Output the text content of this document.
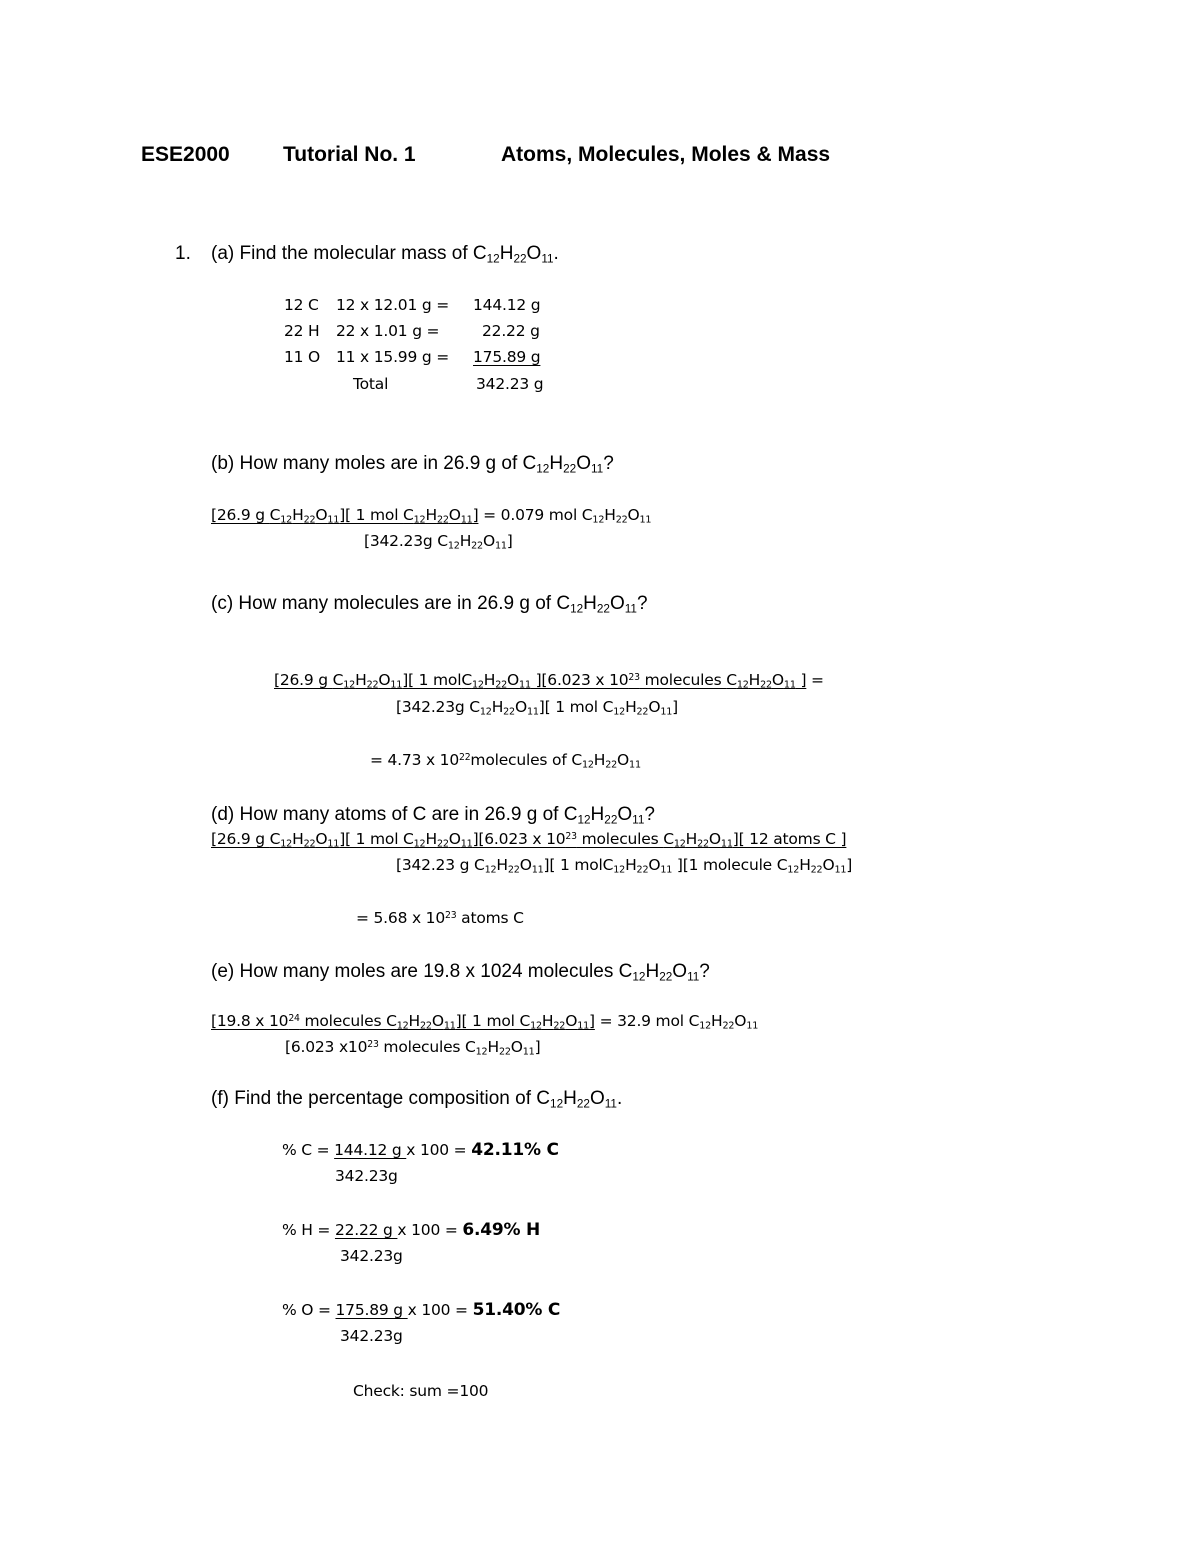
ESE2000	Tutorial No. 1	Atoms, Molecules, Moles & Mass
1. (a) Find the molecular mass of $C_{12}H_{22}O_{11}$.
12 C 12 x 12.01 g = 144.12 g
22 H 22 x 1.01 g =	22.22 g
11 O 11 x 15.99 g = 175.89 g
Total	342.23 g
(b) How many moles are in 26.9 g of $C_{12}H_{22}O_{11}$?
[26.9 g $C_{12}H_{22}O_{11}$][ 1 mol $C_{12}H_{22}O_{11}] = 0.079$ mol $C_{12}H_{22}O_{11}$
[342.23g $C_{12}H_{22}O_{11}$]
(c) How many molecules are in 26.9 g of $C_{12}H_{22}O_{11}$?
[26.9 g $C_{12}H_{22}O_{11}$][ 1 $molC_{12}H_{22}O_{11}$ ][6.023 x $10^{23}$ molecules $C_{12}H_{22}O_{11}$ ] =
[342.23g $C_{12}H_{22}O_{11}$][ 1 mol $C_{12}H_{22}O_{11}$]
= 4.73 x $10^{22}molecules$ of $C_{12}H_{22}O_{11}$
(d) How many atoms of C are in 26.9 g of $C_{12}H_{22}O_{11}$?
[26.9 g $C_{12}H_{22}O_{11}$][ 1 mol $C_{12}H_{22}O_{11}][6.023$ x $10^{23}$ molecules $C_{12}H_{22}O_{11}$][ 12 atoms C ]
[342.23 g $C_{12}H_{22}O_{11}$][ 1 $molC_{12}H_{22}O_{11}$ ][1 molecule $C_{12}H_{22}O_{11}$]
= 5.68 x $10^{23}$ atoms C
(e) How many moles are 19.8 x 1024 molecules $C_{12}H_{22}O_{11}$?
[19.8 x $10^{24}$ molecules $C_{12}H_{22}O_{11}$][ 1 mol $C_{12}H_{22}O_{11}] = 32.9$ mol $C_{12}H_{22}O_{11}$
[6.023 $x10^{23}$ molecules $C_{12}H_{22}O_{11}$]
(f) Find the percentage composition of $C_{12}H_{22}O_{11}$.
% C = 144.12 g x 100 = 42.11% C
342.23g
% H = 22.22 g x 100 = 6.49% H
342.23g
% O = 175.89 g x 100 = 51.40% C
342.23g
Check: sum =100
